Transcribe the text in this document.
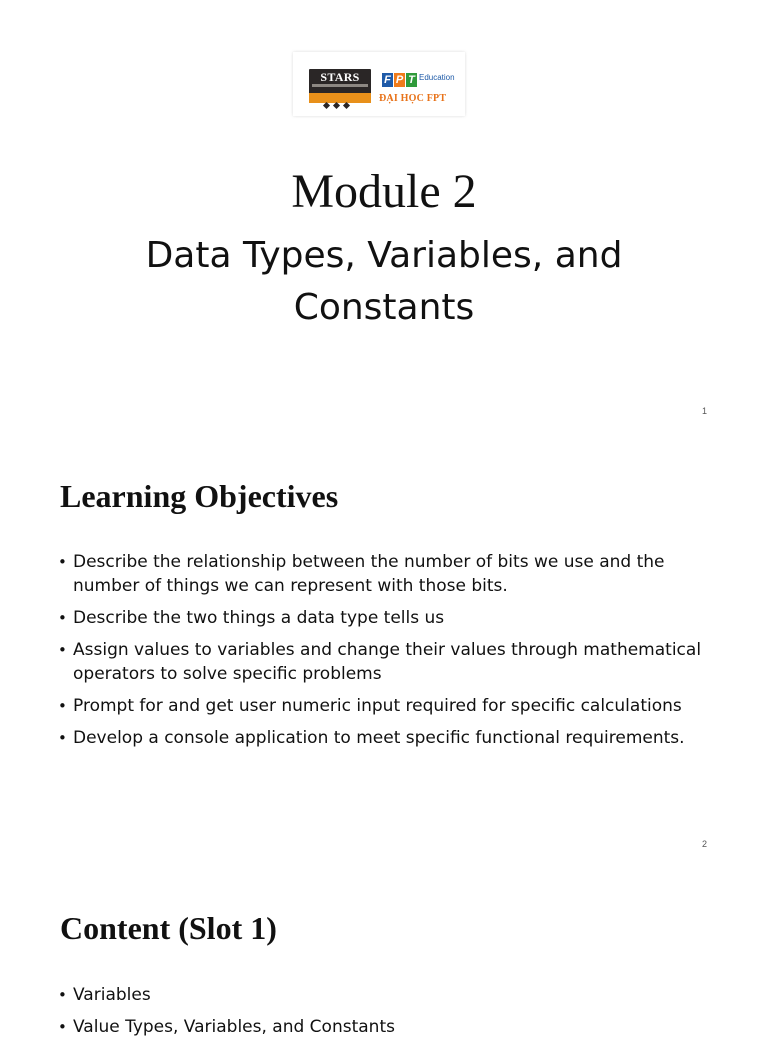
STARS	F P T Education
ĐẠI HỌC FPT
Module 2
Data Types, Variables, and Constants
1
Learning Objectives
• Describe the relationship between the number of bits we use and the number of things we can represent with those bits.
• Describe the two things a data type tells us
• Assign values to variables and change their values through mathematical operators to solve specific problems
• Prompt for and get user numeric input required for specific calculations
• Develop a console application to meet specific functional requirements.
2
Content (Slot 1)
• Variables
• Value Types, Variables, and Constants
